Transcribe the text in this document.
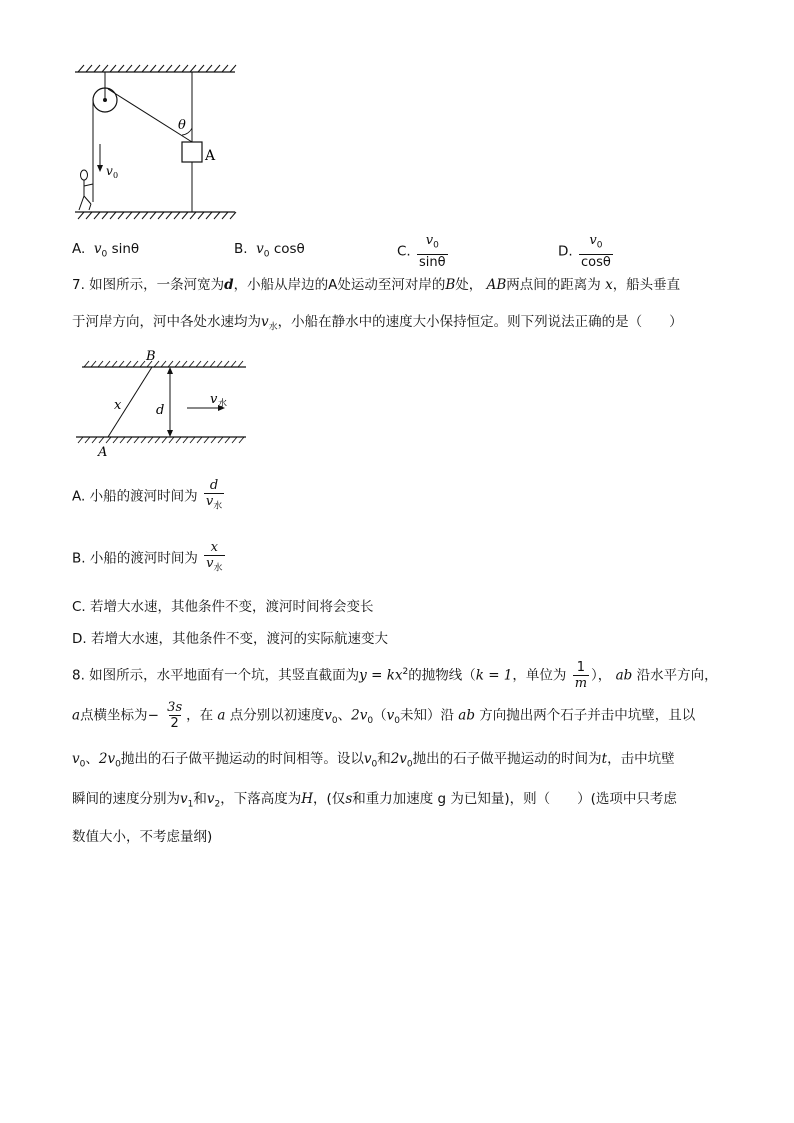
θ
A
v 0
A. $v_0$ sinθ	B. $v_0$ cosθ	C. $\frac{v_0}{\sin\theta}$	D. $\frac{v_0}{\cos\theta}$
7. 如图所示，一条河宽为d，小船从岸边的A处运动至河对岸的B处， AB两点间的距离为 x，船头垂直
于河岸方向，河中各处水速均为$v_水$，小船在静水中的速度大小保持恒定。则下列说法正确的是（　　）
B
A
x	d
v 水
A. 小船的渡河时间为 $\frac{d}{v_水}$
B. 小船的渡河时间为 $\frac{x}{v_水}$
C. 若增大水速，其他条件不变，渡河时间将会变长
D. 若增大水速，其他条件不变，渡河的实际航速变大
8. 如图所示，水平地面有一个坑，其竖直截面为$y = kx^2$的抛物线（k = 1，单位为 $\frac{1}{m}$ ）， ab 沿水平方向，
a点横坐标为− $\frac{3s}{2}$ ，在 a 点分别以初速度$v_0$、$2v_0(v_0$未知）沿 ab 方向抛出两个石子并击中坑壁，且以
$v_0$、$2v_0$抛出的石子做平抛运动的时间相等。设以$v_0$和$2v_0$抛出的石子做平抛运动的时间为t，击中坑壁
瞬间的速度分别为$v_1$和$v_2$，下落高度为H，(仅s和重力加速度 g 为已知量)，则（　　）(选项中只考虑
数值大小，不考虑量纲)
